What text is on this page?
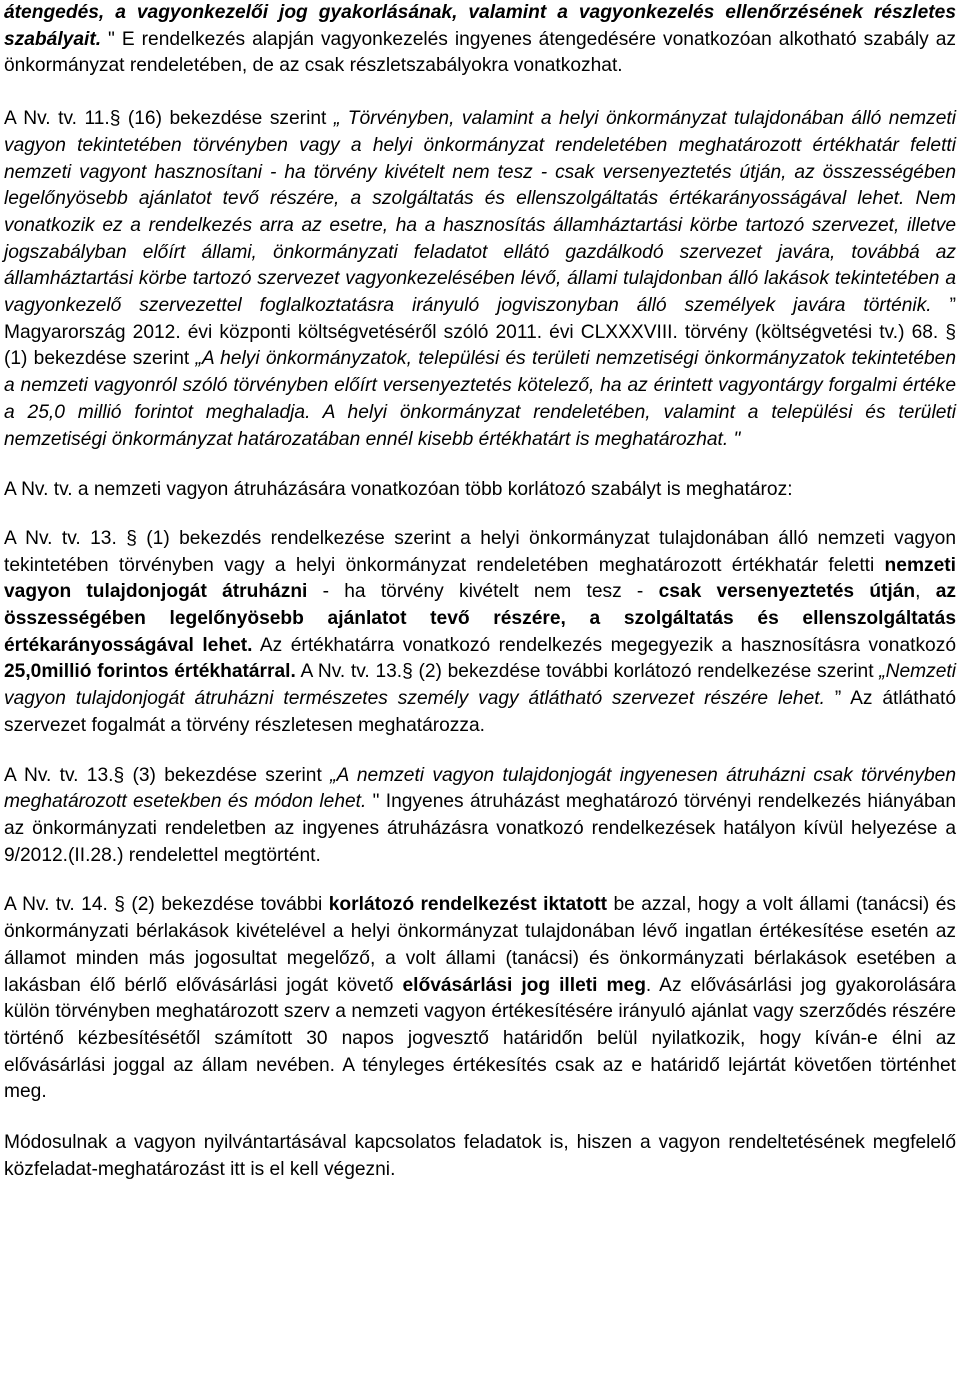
átengedés, a vagyonkezelői jog gyakorlásának, valamint a vagyonkezelés ellenőrzésének részletes szabályait. " E rendelkezés alapján vagyonkezelés ingyenes átengedésére vonatkozóan alkotható szabály az önkormányzat rendeletében, de az csak részletszabályokra vonatkozhat.

A Nv. tv. 11.§ (16) bekezdése szerint „ Törvényben, valamint a helyi önkormányzat tulajdonában álló nemzeti vagyon tekintetében törvényben vagy a helyi önkormányzat rendeletében meghatározott értékhatár feletti nemzeti vagyont hasznosítani - ha törvény kivételt nem tesz - csak versenyeztetés útján, az összességében legelőnyösebb ajánlatot tevő részére, a szolgáltatás és ellenszolgáltatás értékarányosságával lehet. Nem vonatkozik ez a rendelkezés arra az esetre, ha a hasznosítás államháztartási körbe tartozó szervezet, illetve jogszabályban előírt állami, önkormányzati feladatot ellátó gazdálkodó szervezet javára, továbbá az államháztartási körbe tartozó szervezet vagyonkezelésében lévő, állami tulajdonban álló lakások tekintetében a vagyonkezelő szervezettel foglalkoztatásra irányuló jogviszonyban álló személyek javára történik. ” Magyarország 2012. évi központi költségvetéséről szóló 2011. évi CLXXXVIII. törvény (költségvetési tv.) 68. § (1) bekezdése szerint „A helyi önkormányzatok, települési és területi nemzetiségi önkormányzatok tekintetében a nemzeti vagyonról szóló törvényben előírt versenyeztetés kötelező, ha az érintett vagyontárgy forgalmi értéke a 25,0 millió forintot meghaladja. A helyi önkormányzat rendeletében, valamint a települési és területi nemzetiségi önkormányzat határozatában ennél kisebb értékhatárt is meghatározhat. "

A Nv. tv. a nemzeti vagyon átruházására vonatkozóan több korlátozó szabályt is meghatároz:

A Nv. tv. 13. § (1) bekezdés rendelkezése szerint a helyi önkormányzat tulajdonában álló nemzeti vagyon tekintetében törvényben vagy a helyi önkormányzat rendeletében meghatározott értékhatár feletti nemzeti vagyon tulajdonjogát átruházni - ha törvény kivételt nem tesz - csak versenyeztetés útján, az összességében legelőnyösebb ajánlatot tevő részére, a szolgáltatás és ellenszolgáltatás értékarányosságával lehet. Az értékhatárra vonatkozó rendelkezés megegyezik a hasznosításra vonatkozó 25,0millió forintos értékhatárral. A Nv. tv. 13.§ (2) bekezdése további korlátozó rendelkezése szerint „Nemzeti vagyon tulajdonjogát átruházni természetes személy vagy átlátható szervezet részére lehet. ” Az átlátható szervezet fogalmát a törvény részletesen meghatározza.

A Nv. tv. 13.§ (3) bekezdése szerint „A nemzeti vagyon tulajdonjogát ingyenesen átruházni csak törvényben meghatározott esetekben és módon lehet. " Ingyenes átruházást meghatározó törvényi rendelkezés hiányában az önkormányzati rendeletben az ingyenes átruházásra vonatkozó rendelkezések hatályon kívül helyezése a 9/2012.(II.28.) rendelettel megtörtént.

A Nv. tv. 14. § (2) bekezdése további korlátozó rendelkezést iktatott be azzal, hogy a volt állami (tanácsi) és önkormányzati bérlakások kivételével a helyi önkormányzat tulajdonában lévő ingatlan értékesítése esetén az államot minden más jogosultat megelőző, a volt állami (tanácsi) és önkormányzati bérlakások esetében a lakásban élő bérlő elővásárlási jogát követő elővásárlási jog illeti meg. Az elővásárlási jog gyakorolására külön törvényben meghatározott szerv a nemzeti vagyon értékesítésére irányuló ajánlat vagy szerződés részére történő kézbesítésétől számított 30 napos jogvesztő határidőn belül nyilatkozik, hogy kíván-e élni az elővásárlási joggal az állam nevében. A tényleges értékesítés csak az e határidő lejártát követően történhet meg.

Módosulnak a vagyon nyilvántartásával kapcsolatos feladatok is, hiszen a vagyon rendeltetésének megfelelő közfeladat-meghatározást itt is el kell végezni.
